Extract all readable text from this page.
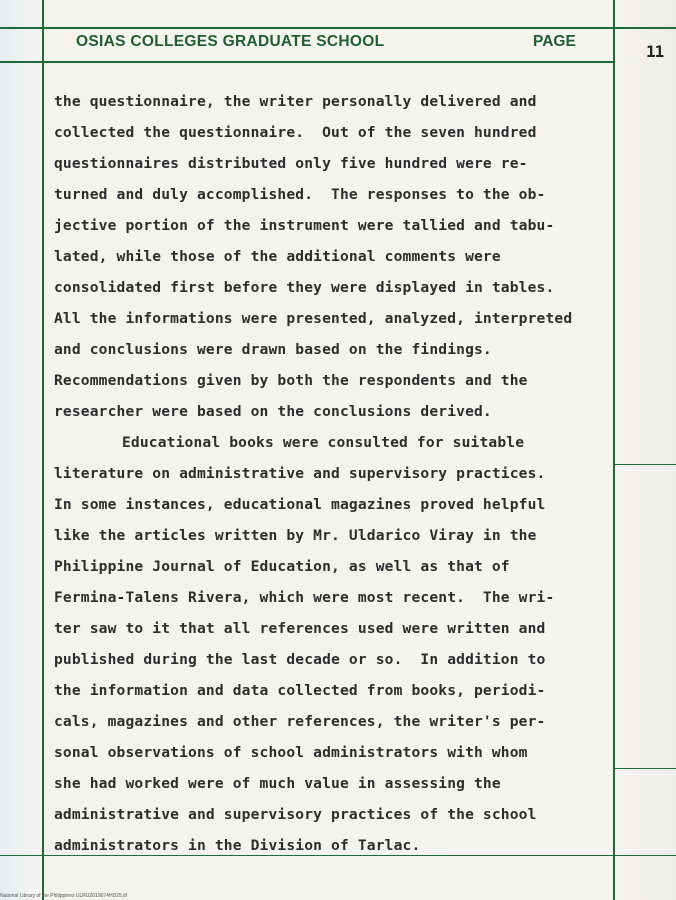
OSIAS COLLEGES GRADUATE SCHOOL	PAGE
11
the questionnaire, the writer personally delivered and
collected the questionnaire.  Out of the seven hundred
questionnaires distributed only five hundred were re-
turned and duly accomplished.  The responses to the ob-
jective portion of the instrument were tallied and tabu-
lated, while those of the additional comments were
consolidated first before they were displayed in tables.
All the informations were presented, analyzed, interpreted
and conclusions were drawn based on the findings.
Recommendations given by both the respondents and the
researcher were based on the conclusions derived.
Educational books were consulted for suitable
literature on administrative and supervisory practices.
In some instances, educational magazines proved helpful
like the articles written by Mr. Uldarico Viray in the
Philippine Journal of Education, as well as that of
Fermina-Talens Rivera, which were most recent.  The wri-
ter saw to it that all references used were written and
published during the last decade or so.  In addition to
the information and data collected from books, periodi-
cals, magazines and other references, the writer's per-
sonal observations of school administrators with whom
she had worked were of much value in assessing the
administrative and supervisory practices of the school
administrators in the Division of Tarlac.
National Library of the Philippines ULRU2019074HD25.tif
